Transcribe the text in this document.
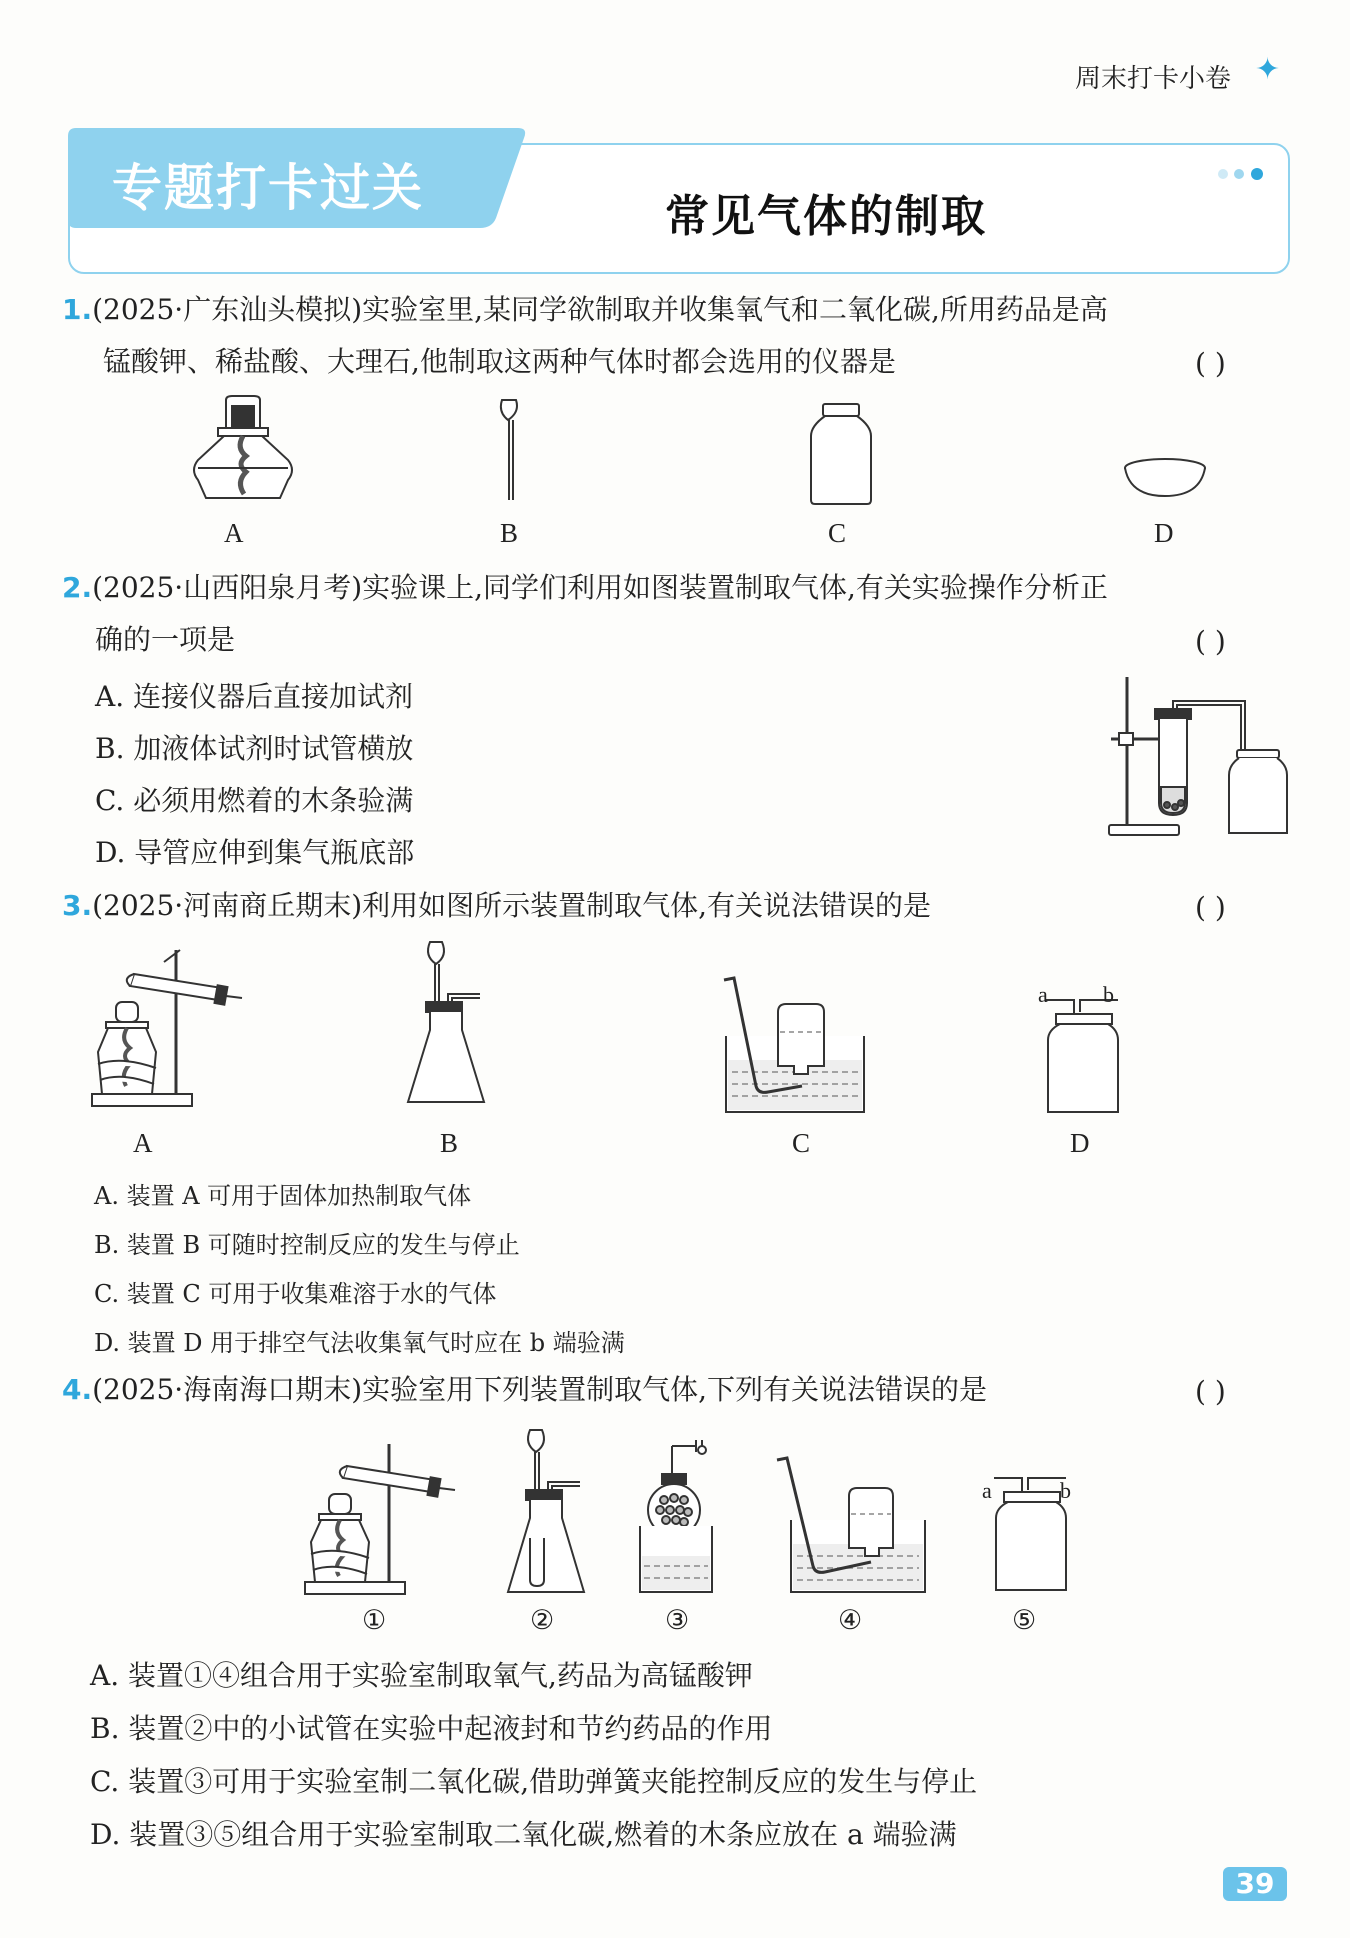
周末打卡小卷 ✦
专题打卡过关	常见气体的制取
1.(2025·广东汕头模拟)实验室里,某同学欲制取并收集氧气和二氧化碳,所用药品是高
锰酸钾、稀盐酸、大理石,他制取这两种气体时都会选用的仪器是	( )
A	B	C	D
2.(2025·山西阳泉月考)实验课上,同学们利用如图装置制取气体,有关实验操作分析正
确的一项是	( )
A. 连接仪器后直接加试剂
B. 加液体试剂时试管横放
C. 必须用燃着的木条验满
D. 导管应伸到集气瓶底部
3.(2025·河南商丘期末)利用如图所示装置制取气体,有关说法错误的是	( )
A	B	C
a	b
D
A. 装置 A 可用于固体加热制取气体
B. 装置 B 可随时控制反应的发生与停止
C. 装置 C 可用于收集难溶于水的气体
D. 装置 D 用于排空气法收集氧气时应在 b 端验满
4.(2025·海南海口期末)实验室用下列装置制取气体,下列有关说法错误的是	( )
①	②	③	④
a	b
⑤
A. 装置①④组合用于实验室制取氧气,药品为高锰酸钾
B. 装置②中的小试管在实验中起液封和节约药品的作用
C. 装置③可用于实验室制二氧化碳,借助弹簧夹能控制反应的发生与停止
D. 装置③⑤组合用于实验室制取二氧化碳,燃着的木条应放在 a 端验满
39
